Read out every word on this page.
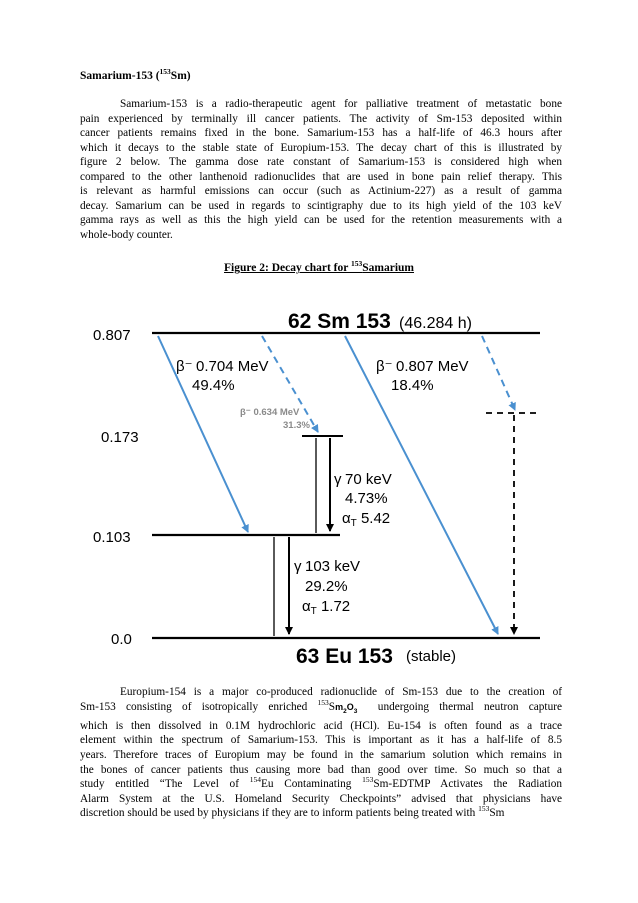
Samarium-153 ($^{153}$Sm)
Samarium-153 is a radio-therapeutic agent for palliative treatment of metastatic bone
pain experienced by terminally ill cancer patients. The activity of Sm-153 deposited within
cancer patients remains fixed in the bone. Samarium-153 has a half-life of 46.3 hours after
which it decays to the stable state of Europium-153. The decay chart of this is illustrated by
figure 2 below. The gamma dose rate constant of Samarium-153 is considered high when
compared to the other lanthenoid radionuclides that are used in bone pain relief therapy. This
is relevant as harmful emissions can occur (such as Actinium-227) as a result of gamma
decay. Samarium can be used in regards to scintigraphy due to its high yield of the 103 keV
gamma rays as well as this the high yield can be used for the retention measurements with a
whole-body counter.
Figure 2: Decay chart for $^{153}$Samarium
0.807
0.173
0.103
0.0
62 Sm 153 (46.284 h)
63 Eu 153 (stable)
β⁻ 0.704 MeV
49.4%
β⁻ 0.807 MeV
18.4%
β⁻ 0.634 MeV
31.3%
γ 70 keV
4.73%
$\alpha_T$ 5.42
γ 103 keV
29.2%
$\alpha_T$ 1.72
Europium-154 is a major co-produced radionuclide of Sm-153 due to the creation of
Sm-153 consisting of isotropically enriched $^{153}Sm_2O_3$  undergoing thermal neutron capture
which is then dissolved in 0.1M hydrochloric acid (HCl). Eu-154 is often found as a trace
element within the spectrum of Samarium-153. This is important as it has a half-life of 8.5
years. Therefore traces of Europium may be found in the samarium solution which remains in
the bones of cancer patients thus causing more bad than good over time. So much so that a
study entitled “The Level of $^{154}$Eu Contaminating $^{153}$Sm-EDTMP Activates the Radiation
Alarm System at the U.S. Homeland Security Checkpoints” advised that physicians have
discretion should be used by physicians if they are to inform patients being treated with $^{153}$Sm
